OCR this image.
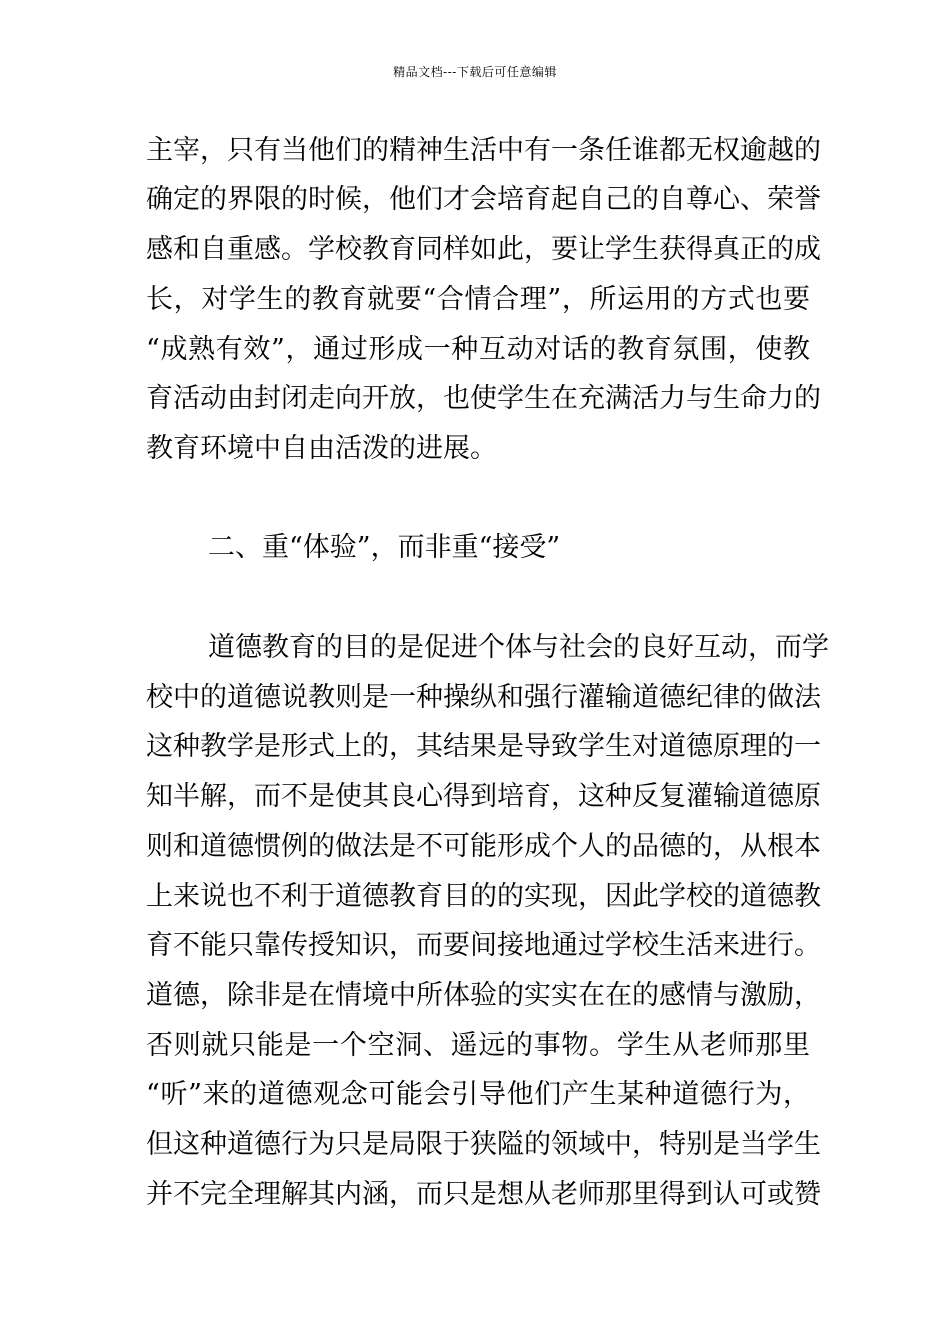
精品文档---下载后可任意编辑
主宰，只有当他们的精神生活中有一条任谁都无权逾越的
确定的界限的时候，他们才会培育起自己的自尊心、荣誉
感和自重感。学校教育同样如此，要让学生获得真正的成
长，对学生的教育就要“合情合理”，所运用的方式也要
“成熟有效”，通过形成一种互动对话的教育氛围，使教
育活动由封闭走向开放，也使学生在充满活力与生命力的
教育环境中自由活泼的进展。
二、重“体验”，而非重“接受”
道德教育的目的是促进个体与社会的良好互动，而学
校中的道德说教则是一种操纵和强行灌输道德纪律的做法
这种教学是形式上的，其结果是导致学生对道德原理的一
知半解，而不是使其良心得到培育，这种反复灌输道德原
则和道德惯例的做法是不可能形成个人的品德的，从根本
上来说也不利于道德教育目的的实现，因此学校的道德教
育不能只靠传授知识，而要间接地通过学校生活来进行。
道德，除非是在情境中所体验的实实在在的感情与激励，
否则就只能是一个空洞、遥远的事物。学生从老师那里
“听”来的道德观念可能会引导他们产生某种道德行为，
但这种道德行为只是局限于狭隘的领域中，特别是当学生
并不完全理解其内涵，而只是想从老师那里得到认可或赞
